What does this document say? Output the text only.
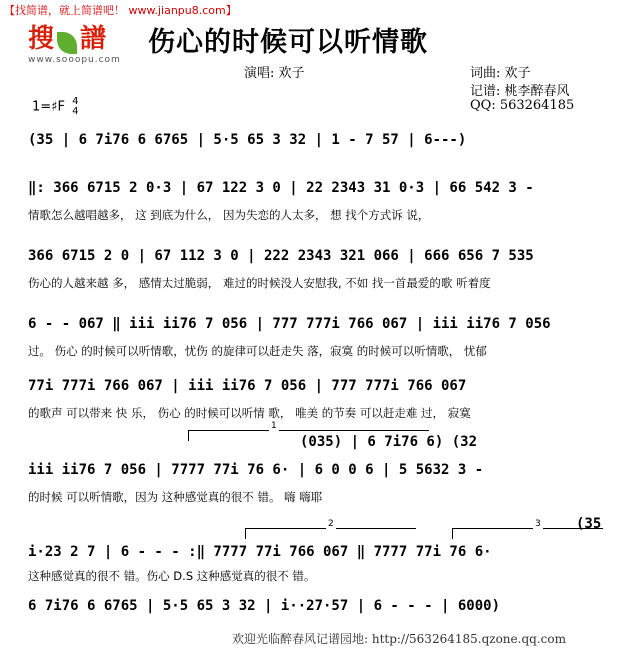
【找简谱，就上简谱吧！ www.jianpu8.com】
搜 譜
www.sooopu.com
伤心的时候可以听情歌
演唱: 欢子	词曲: 欢子
记谱: 桃李醉春风
QQ: 563264185
1=♯F 4
4
(35 | 6 7i76 6 6765 | 5·5 65 3 32 | 1 - 7 57 | 6---)
‖: 366 6715 2 0·3 | 67 122 3 0 | 22 2343 31 0·3 | 66 542 3 -
情歌怎么越唱越多， 这 到底为什么， 因为失恋的人太多， 想 找个方式诉 说，
366 6715 2 0 | 67 112 3 0 | 222 2343 321 066 | 666 656 7 535
伤心的人越来越 多， 感情太过脆弱， 难过的时候没人安慰我, 不如 找一首最爱的歌 听着度
6 - - 067 ‖ iii ii76 7 056 | 777 777i 766 067 | iii ii76 7 056
过。 伤心 的时候可以听情歌，忧伤 的旋律可以赶走失 落，寂寞 的时候可以听情歌， 忧郁
77i 777i 766 067 | iii ii76 7 056 | 777 777i 766 067
的歌声 可以带来 快 乐， 伤心 的时候可以听情 歌， 唯美 的节奏 可以赶走难 过， 寂寞
1
(035) | 6 7i76 6) (32
iii ii76 7 056 | 7777 77i 76 6· | 6 0 0 6 | 5 5632 3 -
的时候 可以听情歌，因为 这种感觉真的很不 错。 嗨 嗨耶
2	3	(35
i·23 2 7 | 6 - - - :‖ 7777 77i 766 067 ‖ 7777 77i 76 6·
这种感觉真的很不 错。伤心 D.S 这种感觉真的很不 错。
6 7i76 6 6765 | 5·5 65 3 32 | i··27·57 | 6 - - - | 6000)
欢迎光临醉春风记谱园地: http://563264185.qzone.qq.com
